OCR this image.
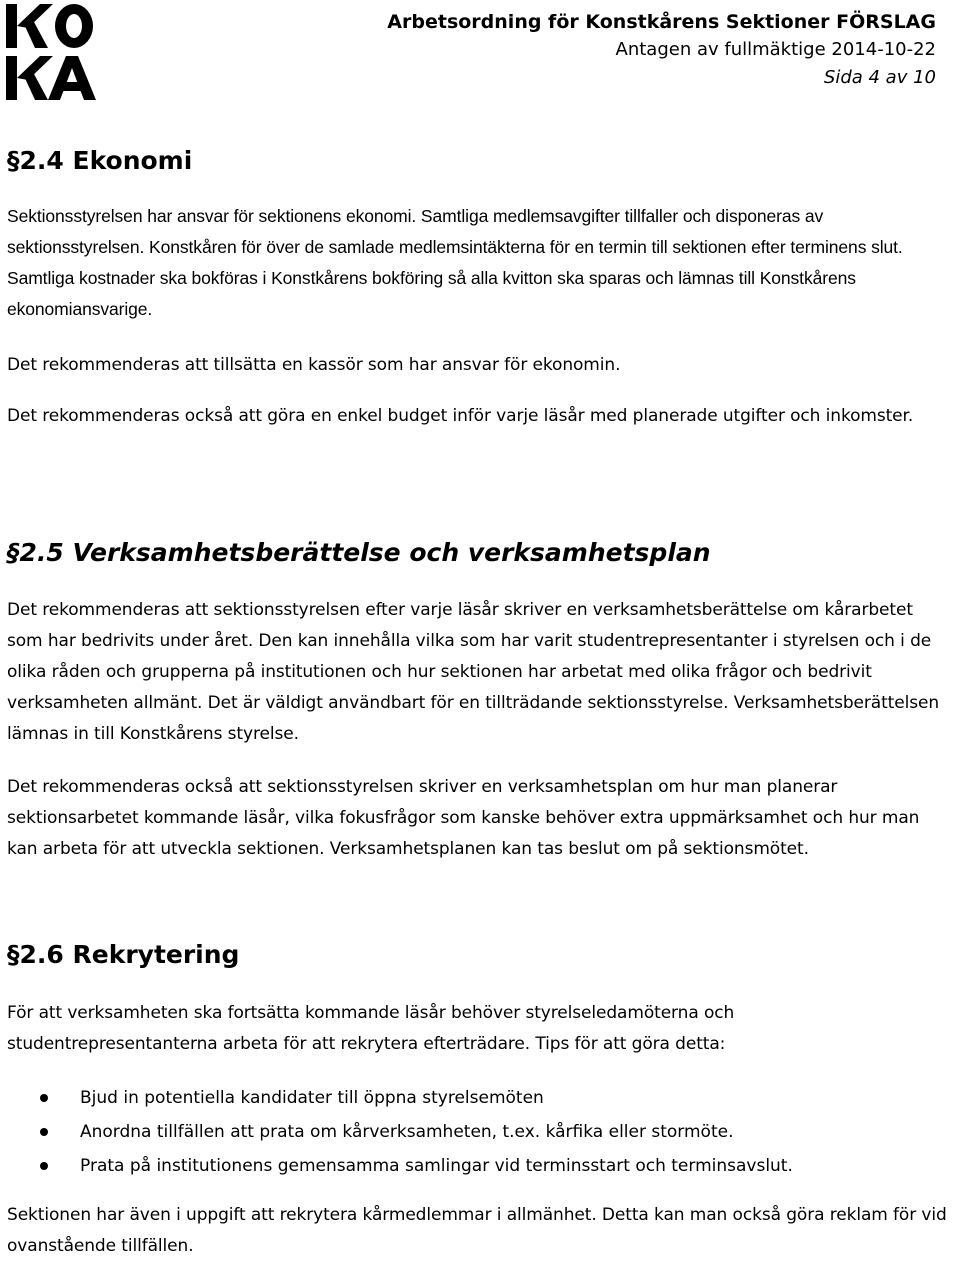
Arbetsordning för Konstkårens Sektioner FÖRSLAG
Antagen av fullmäktige 2014-10-22
Sida 4 av 10
§2.4 Ekonomi

Sektionsstyrelsen har ansvar för sektionens ekonomi. Samtliga medlemsavgifter tillfaller och disponeras av sektionsstyrelsen. Konstkåren för över de samlade medlemsintäkterna för en termin till sektionen efter terminens slut. Samtliga kostnader ska bokföras i Konstkårens bokföring så alla kvitton ska sparas och lämnas till Konstkårens ekonomiansvarige.

Det rekommenderas att tillsätta en kassör som har ansvar för ekonomin.

Det rekommenderas också att göra en enkel budget inför varje läsår med planerade utgifter och inkomster.

§2.5 Verksamhetsberättelse och verksamhetsplan

Det rekommenderas att sektionsstyrelsen efter varje läsår skriver en verksamhetsberättelse om kårarbetet som har bedrivits under året. Den kan innehålla vilka som har varit studentrepresentanter i styrelsen och i de olika råden och grupperna på institutionen och hur sektionen har arbetat med olika frågor och bedrivit verksamheten allmänt. Det är väldigt användbart för en tillträdande sektionsstyrelse. Verksamhetsberättelsen lämnas in till Konstkårens styrelse.

Det rekommenderas också att sektionsstyrelsen skriver en verksamhetsplan om hur man planerar sektionsarbetet kommande läsår, vilka fokusfrågor som kanske behöver extra uppmärksamhet och hur man kan arbeta för att utveckla sektionen. Verksamhetsplanen kan tas beslut om på sektionsmötet.

§2.6 Rekrytering

För att verksamheten ska fortsätta kommande läsår behöver styrelseledamöterna och studentrepresentanterna arbeta för att rekrytera efterträdare. Tips för att göra detta:

Bjud in potentiella kandidater till öppna styrelsemöten
Anordna tillfällen att prata om kårverksamheten, t.ex. kårfika eller stormöte.
Prata på institutionens gemensamma samlingar vid terminsstart och terminsavslut.

Sektionen har även i uppgift att rekrytera kårmedlemmar i allmänhet. Detta kan man också göra reklam för vid ovanstående tillfällen.
